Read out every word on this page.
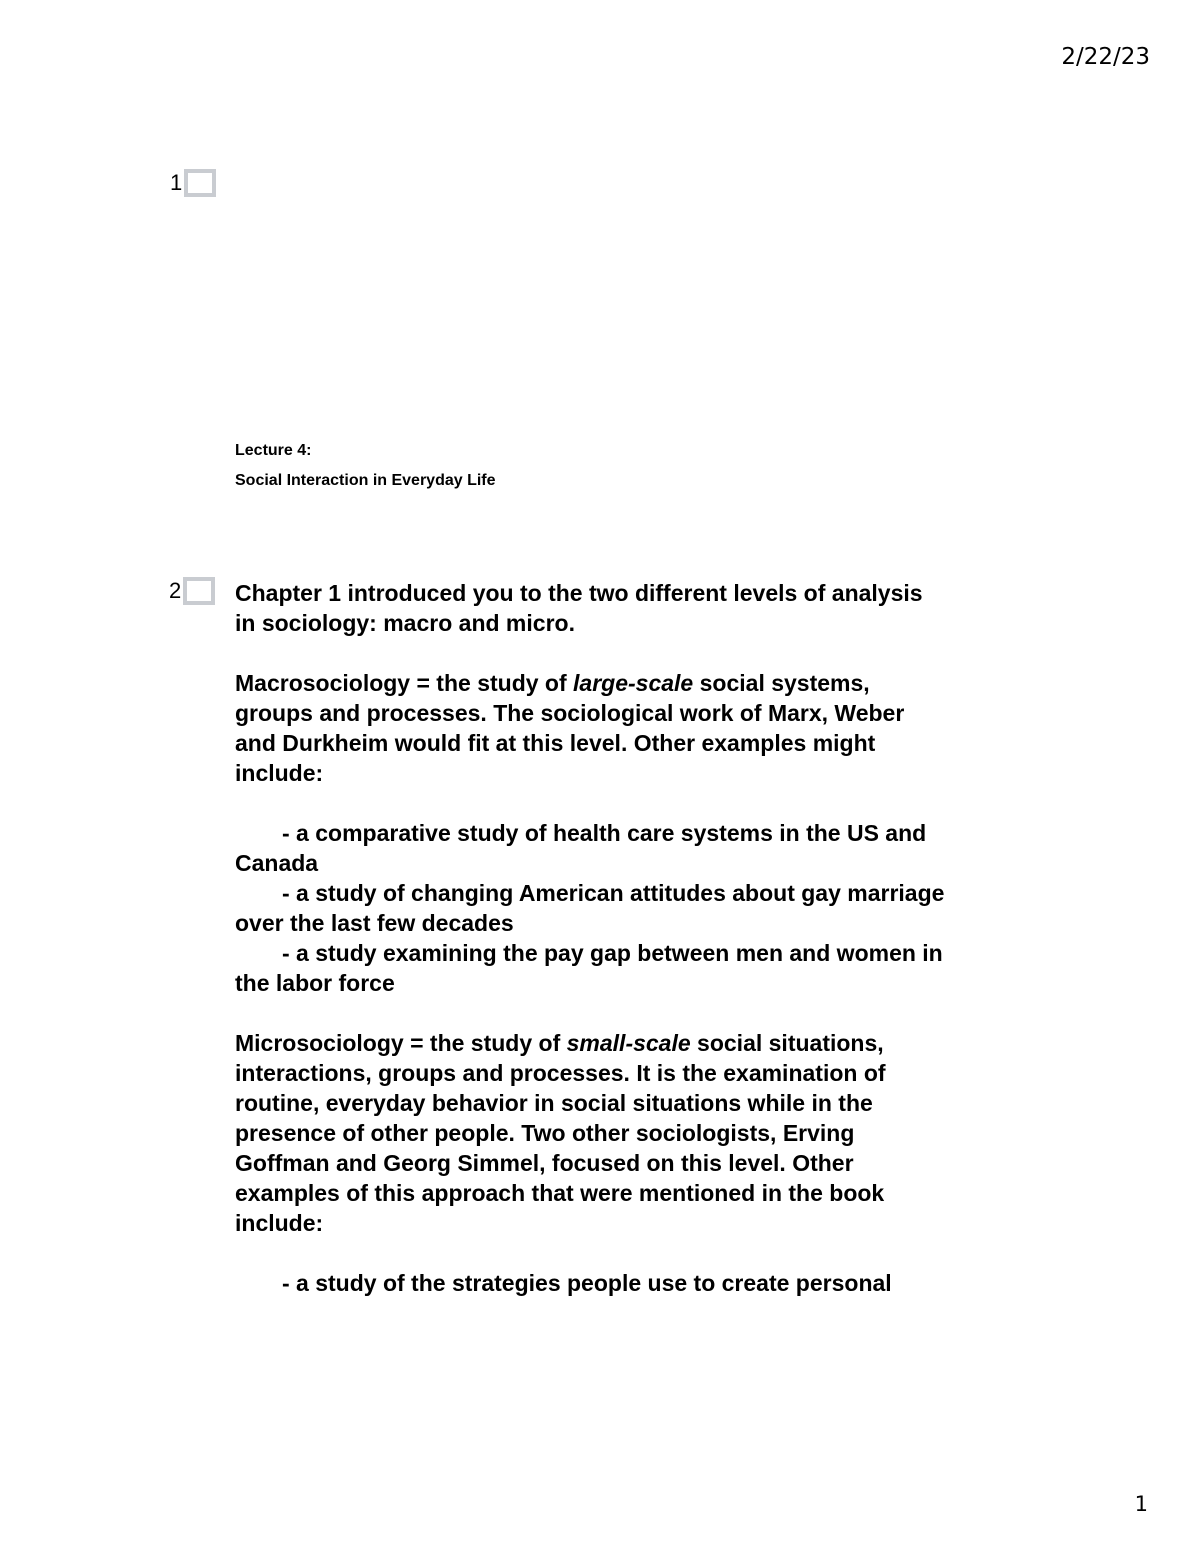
2/22/23
1
Lecture 4:
Social Interaction in Everyday Life
2 Chapter 1 introduced you to the two different levels of analysis
in sociology: macro and micro.
Macrosociology = the study of large-scale social systems,
groups and processes. The sociological work of Marx, Weber
and Durkheim would fit at this level. Other examples might
include:
- a comparative study of health care systems in the US and
Canada
- a study of changing American attitudes about gay marriage
over the last few decades
- a study examining the pay gap between men and women in
the labor force
Microsociology = the study of small-scale social situations,
interactions, groups and processes. It is the examination of
routine, everyday behavior in social situations while in the
presence of other people. Two other sociologists, Erving
Goffman and Georg Simmel, focused on this level. Other
examples of this approach that were mentioned in the book
include:
- a study of the strategies people use to create personal
1
